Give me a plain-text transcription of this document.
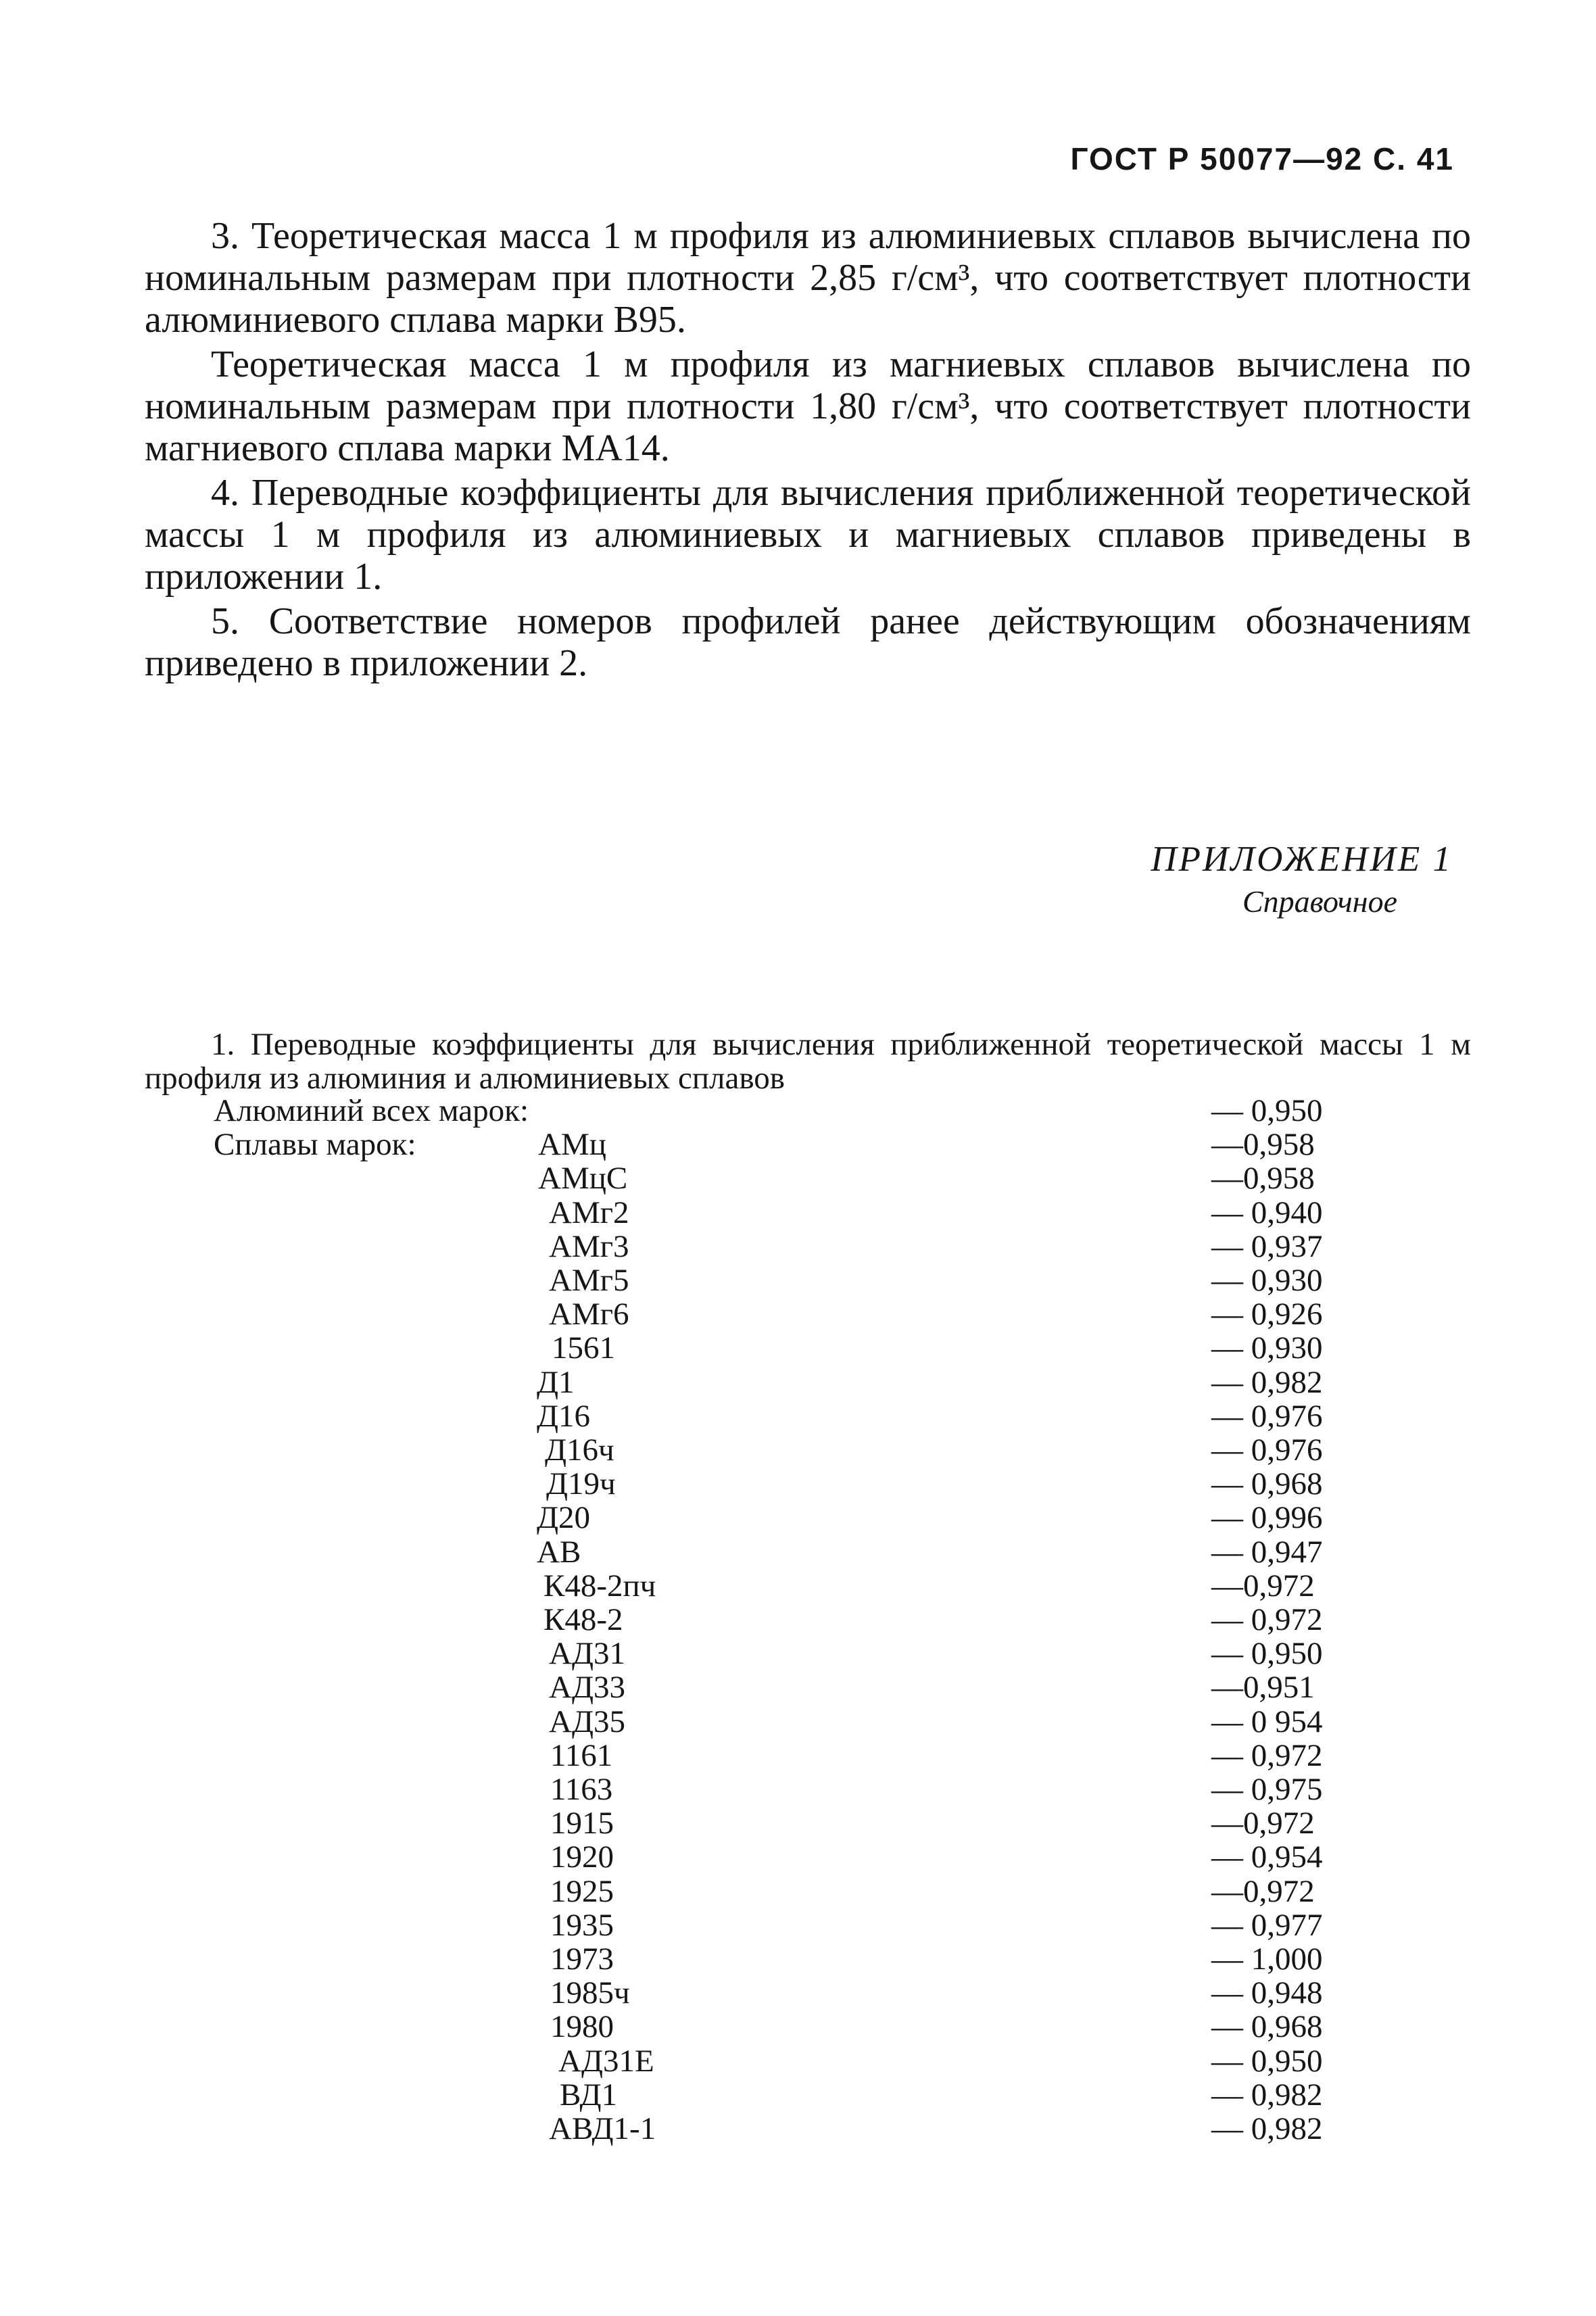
ГОСТ Р 50077—92 С. 41

3. Теоретическая масса 1 м профиля из алюминиевых сплавов вычислена по номинальным размерам при плотности 2,85 г/см³, что соответствует плотности алюминиевого сплава марки В95.

Теоретическая масса 1 м профиля из магниевых сплавов вычислена по номинальным размерам при плотности 1,80 г/см³, что соответствует плотности магниевого сплава марки МА14.

4. Переводные коэффициенты для вычисления приближенной теоретической массы 1 м профиля из алюминиевых и магниевых сплавов приведены в приложении 1.

5. Соответствие номеров профилей ранее действующим обозначениям приведено в приложении 2.

ПРИЛОЖЕНИЕ 1
Справочное
1. Переводные коэффициенты для вычисления приближенной теоретической массы 1 м профиля из алюминия и алюминиевых сплавов
Алюминий всех марок:	— 0,950
Сплавы марок:	АМц	—0,958
АМцС	—0,958
АМг2	— 0,940
АМг3	— 0,937
АМг5	— 0,930
АМг6	— 0,926
1561	— 0,930
Д1	— 0,982
Д16	— 0,976
Д16ч	— 0,976
Д19ч	— 0,968
Д20	— 0,996
АВ	— 0,947
К48-2пч	—0,972
К48-2	— 0,972
АД31	— 0,950
АД33	—0,951
АД35	— 0 954
1161	— 0,972
1163	— 0,975
1915	—0,972
1920	— 0,954
1925	—0,972
1935	— 0,977
1973	— 1,000
1985ч	— 0,948
1980	— 0,968
АД31Е	— 0,950
ВД1	— 0,982
АВД1-1	— 0,982
